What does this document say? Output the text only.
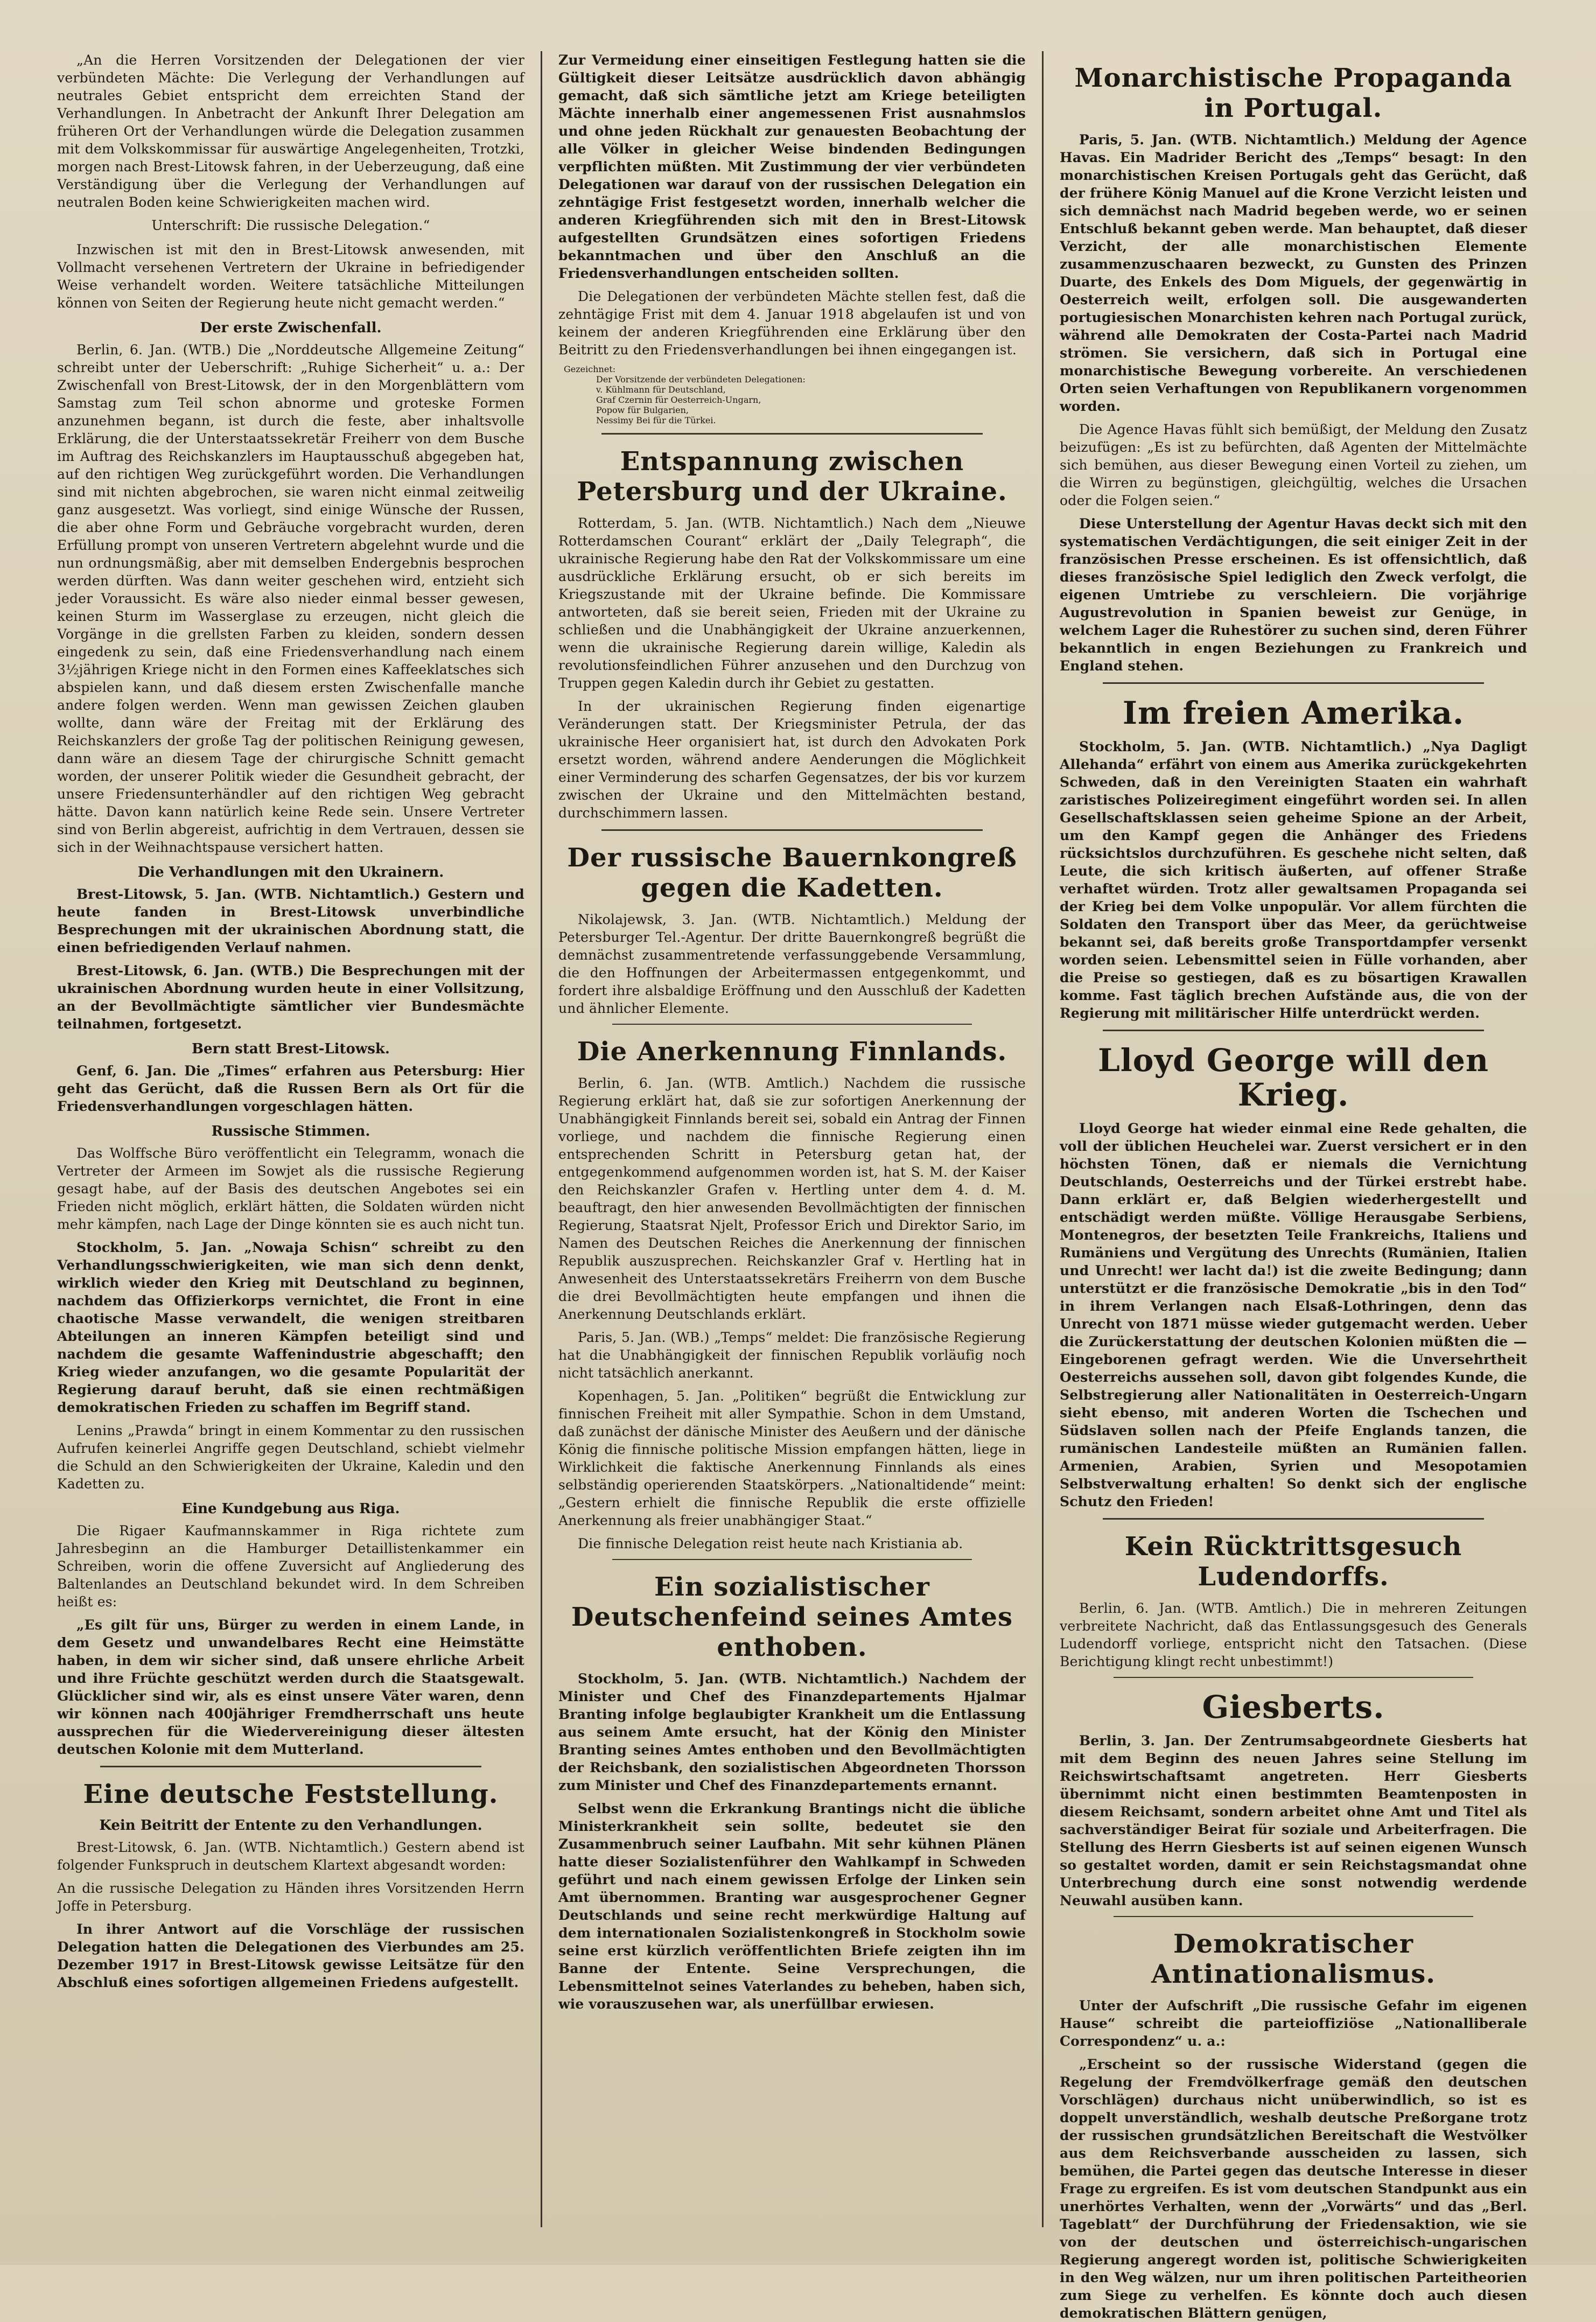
„An die Herren Vorsitzenden der Delegationen der vier verbündeten Mächte: Die Verlegung der Verhandlungen auf neutrales Gebiet entspricht dem erreichten Stand der Verhandlungen. In Anbetracht der Ankunft Ihrer Delegation am früheren Ort der Verhandlungen würde die Delegation zusammen mit dem Volkskommissar für auswärtige Angelegenheiten, Trotzki, morgen nach Brest-Litowsk fahren, in der Ueberzeugung, daß eine Verständigung über die Verlegung der Verhandlungen auf neutralen Boden keine Schwierigkeiten machen wird.

Unterschrift: Die russische Delegation.“

Inzwischen ist mit den in Brest-Litowsk anwesenden, mit Vollmacht versehenen Vertretern der Ukraine in befriedigender Weise verhandelt worden. Weitere tatsächliche Mitteilungen können von Seiten der Regierung heute nicht gemacht werden.“

Der erste Zwischenfall.

Berlin, 6. Jan. (WTB.) Die „Norddeutsche Allgemeine Zeitung“ schreibt unter der Ueberschrift: „Ruhige Sicherheit“ u. a.: Der Zwischenfall von Brest-Litowsk, der in den Morgenblättern vom Samstag zum Teil schon abnorme und groteske Formen anzunehmen begann, ist durch die feste, aber inhaltsvolle Erklärung, die der Unterstaatssekretär Freiherr von dem Busche im Auftrag des Reichskanzlers im Hauptausschuß abgegeben hat, auf den richtigen Weg zurückgeführt worden. Die Verhandlungen sind mit nichten abgebrochen, sie waren nicht einmal zeitweilig ganz ausgesetzt. Was vorliegt, sind einige Wünsche der Russen, die aber ohne Form und Gebräuche vorgebracht wurden, deren Erfüllung prompt von unseren Vertretern abgelehnt wurde und die nun ordnungsmäßig, aber mit demselben Endergebnis besprochen werden dürften. Was dann weiter geschehen wird, entzieht sich jeder Voraussicht. Es wäre also nieder einmal besser gewesen, keinen Sturm im Wasserglase zu erzeugen, nicht gleich die Vorgänge in die grellsten Farben zu kleiden, sondern dessen eingedenk zu sein, daß eine Friedensverhandlung nach einem 3½jährigen Kriege nicht in den Formen eines Kaffeeklatsches sich abspielen kann, und daß diesem ersten Zwischenfalle manche andere folgen werden. Wenn man gewissen Zeichen glauben wollte, dann wäre der Freitag mit der Erklärung des Reichskanzlers der große Tag der politischen Reinigung gewesen, dann wäre an diesem Tage der chirurgische Schnitt gemacht worden, der unserer Politik wieder die Gesundheit gebracht, der unsere Friedensunterhändler auf den richtigen Weg gebracht hätte. Davon kann natürlich keine Rede sein. Unsere Vertreter sind von Berlin abgereist, aufrichtig in dem Vertrauen, dessen sie sich in der Weihnachtspause versichert hatten.

Die Verhandlungen mit den Ukrainern.

Brest-Litowsk, 5. Jan. (WTB. Nichtamtlich.) Gestern und heute fanden in Brest-Litowsk unverbindliche Besprechungen mit der ukrainischen Abordnung statt, die einen befriedigenden Verlauf nahmen.

Brest-Litowsk, 6. Jan. (WTB.) Die Besprechungen mit der ukrainischen Abordnung wurden heute in einer Vollsitzung, an der Bevollmächtigte sämtlicher vier Bundesmächte teilnahmen, fortgesetzt.

Bern statt Brest-Litowsk.

Genf, 6. Jan. Die „Times“ erfahren aus Petersburg: Hier geht das Gerücht, daß die Russen Bern als Ort für die Friedensverhandlungen vorgeschlagen hätten.

Russische Stimmen.

Das Wolffsche Büro veröffentlicht ein Telegramm, wonach die Vertreter der Armeen im Sowjet als die russische Regierung gesagt habe, auf der Basis des deutschen Angebotes sei ein Frieden nicht möglich, erklärt hätten, die Soldaten würden nicht mehr kämpfen, nach Lage der Dinge könnten sie es auch nicht tun.

Stockholm, 5. Jan. „Nowaja Schisn“ schreibt zu den Verhandlungsschwierigkeiten, wie man sich denn denkt, wirklich wieder den Krieg mit Deutschland zu beginnen, nachdem das Offizierkorps vernichtet, die Front in eine chaotische Masse verwandelt, die wenigen streitbaren Abteilungen an inneren Kämpfen beteiligt sind und nachdem die gesamte Waffenindustrie abgeschafft; den Krieg wieder anzufangen, wo die gesamte Popularität der Regierung darauf beruht, daß sie einen rechtmäßigen demokratischen Frieden zu schaffen im Begriff stand.

Lenins „Prawda“ bringt in einem Kommentar zu den russischen Aufrufen keinerlei Angriffe gegen Deutschland, schiebt vielmehr die Schuld an den Schwierigkeiten der Ukraine, Kaledin und den Kadetten zu.

Eine Kundgebung aus Riga.

Die Rigaer Kaufmannskammer in Riga richtete zum Jahresbeginn an die Hamburger Detaillistenkammer ein Schreiben, worin die offene Zuversicht auf Angliederung des Baltenlandes an Deutschland bekundet wird. In dem Schreiben heißt es:

„Es gilt für uns, Bürger zu werden in einem Lande, in dem Gesetz und unwandelbares Recht eine Heimstätte haben, in dem wir sicher sind, daß unsere ehrliche Arbeit und ihre Früchte geschützt werden durch die Staatsgewalt. Glücklicher sind wir, als es einst unsere Väter waren, denn wir können nach 400jähriger Fremdherrschaft uns heute aussprechen für die Wiedervereinigung dieser ältesten deutschen Kolonie mit dem Mutterland.

Eine deutsche Feststellung.
Kein Beitritt der Entente zu den Verhandlungen.

Brest-Litowsk, 6. Jan. (WTB. Nichtamtlich.) Gestern abend ist folgender Funkspruch in deutschem Klartext abgesandt worden:

An die russische Delegation zu Händen ihres Vorsitzenden Herrn Joffe in Petersburg.

In ihrer Antwort auf die Vorschläge der russischen Delegation hatten die Delegationen des Vierbundes am 25. Dezember 1917 in Brest-Litowsk gewisse Leitsätze für den Abschluß eines sofortigen allgemeinen Friedens aufgestellt.

Zur Vermeidung einer einseitigen Festlegung hatten sie die Gültigkeit dieser Leitsätze ausdrücklich davon abhängig gemacht, daß sich sämtliche jetzt am Kriege beteiligten Mächte innerhalb einer angemessenen Frist ausnahmslos und ohne jeden Rückhalt zur genauesten Beobachtung der alle Völker in gleicher Weise bindenden Bedingungen verpflichten müßten. Mit Zustimmung der vier verbündeten Delegationen war darauf von der russischen Delegation ein zehntägige Frist festgesetzt worden, innerhalb welcher die anderen Kriegführenden sich mit den in Brest-Litowsk aufgestellten Grundsätzen eines sofortigen Friedens bekanntmachen und über den Anschluß an die Friedensverhandlungen entscheiden sollten.

Die Delegationen der verbündeten Mächte stellen fest, daß die zehntägige Frist mit dem 4. Januar 1918 abgelaufen ist und von keinem der anderen Kriegführenden eine Erklärung über den Beitritt zu den Friedensverhandlungen bei ihnen eingegangen ist.

Gezeichnet:
Der Vorsitzende der verbündeten Delegationen:
v. Kühlmann für Deutschland,
Graf Czernin für Oesterreich-Ungarn,
Popow für Bulgarien,
Nessimy Bei für die Türkei.
Entspannung zwischen Petersburg und der Ukraine.

Rotterdam, 5. Jan. (WTB. Nichtamtlich.) Nach dem „Nieuwe Rotterdamschen Courant“ erklärt der „Daily Telegraph“, die ukrainische Regierung habe den Rat der Volkskommissare um eine ausdrückliche Erklärung ersucht, ob er sich bereits im Kriegszustande mit der Ukraine befinde. Die Kommissare antworteten, daß sie bereit seien, Frieden mit der Ukraine zu schließen und die Unabhängigkeit der Ukraine anzuerkennen, wenn die ukrainische Regierung darein willige, Kaledin als revolutionsfeindlichen Führer anzusehen und den Durchzug von Truppen gegen Kaledin durch ihr Gebiet zu gestatten.

In der ukrainischen Regierung finden eigenartige Veränderungen statt. Der Kriegsminister Petrula, der das ukrainische Heer organisiert hat, ist durch den Advokaten Pork ersetzt worden, während andere Aenderungen die Möglichkeit einer Verminderung des scharfen Gegensatzes, der bis vor kurzem zwischen der Ukraine und den Mittelmächten bestand, durchschimmern lassen.

Der russische Bauernkongreß gegen die Kadetten.

Nikolajewsk, 3. Jan. (WTB. Nichtamtlich.) Meldung der Petersburger Tel.-Agentur. Der dritte Bauernkongreß begrüßt die demnächst zusammentretende verfassunggebende Versammlung, die den Hoffnungen der Arbeitermassen entgegenkommt, und fordert ihre alsbaldige Eröffnung und den Ausschluß der Kadetten und ähnlicher Elemente.

Die Anerkennung Finnlands.

Berlin, 6. Jan. (WTB. Amtlich.) Nachdem die russische Regierung erklärt hat, daß sie zur sofortigen Anerkennung der Unabhängigkeit Finnlands bereit sei, sobald ein Antrag der Finnen vorliege, und nachdem die finnische Regierung einen entsprechenden Schritt in Petersburg getan hat, der entgegenkommend aufgenommen worden ist, hat S. M. der Kaiser den Reichskanzler Grafen v. Hertling unter dem 4. d. M. beauftragt, den hier anwesenden Bevollmächtigten der finnischen Regierung, Staatsrat Njelt, Professor Erich und Direktor Sario, im Namen des Deutschen Reiches die Anerkennung der finnischen Republik auszusprechen. Reichskanzler Graf v. Hertling hat in Anwesenheit des Unterstaatssekretärs Freiherrn von dem Busche die drei Bevollmächtigten heute empfangen und ihnen die Anerkennung Deutschlands erklärt.

Paris, 5. Jan. (WB.) „Temps“ meldet: Die französische Regierung hat die Unabhängigkeit der finnischen Republik vorläufig noch nicht tatsächlich anerkannt.

Kopenhagen, 5. Jan. „Politiken“ begrüßt die Entwicklung zur finnischen Freiheit mit aller Sympathie. Schon in dem Umstand, daß zunächst der dänische Minister des Aeußern und der dänische König die finnische politische Mission empfangen hätten, liege in Wirklichkeit die faktische Anerkennung Finnlands als eines selbständig operierenden Staatskörpers. „Nationaltidende“ meint: „Gestern erhielt die finnische Republik die erste offizielle Anerkennung als freier unabhängiger Staat.“

Die finnische Delegation reist heute nach Kristiania ab.

Ein sozialistischer Deutschenfeind seines Amtes enthoben.

Stockholm, 5. Jan. (WTB. Nichtamtlich.) Nachdem der Minister und Chef des Finanzdepartements Hjalmar Branting infolge beglaubigter Krankheit um die Entlassung aus seinem Amte ersucht, hat der König den Minister Branting seines Amtes enthoben und den Bevollmächtigten der Reichsbank, den sozialistischen Abgeordneten Thorsson zum Minister und Chef des Finanzdepartements ernannt.

Selbst wenn die Erkrankung Brantings nicht die übliche Ministerkrankheit sein sollte, bedeutet sie den Zusammenbruch seiner Laufbahn. Mit sehr kühnen Plänen hatte dieser Sozialistenführer den Wahlkampf in Schweden geführt und nach einem gewissen Erfolge der Linken sein Amt übernommen. Branting war ausgesprochener Gegner Deutschlands und seine recht merkwürdige Haltung auf dem internationalen Sozialistenkongreß in Stockholm sowie seine erst kürzlich veröffentlichten Briefe zeigten ihn im Banne der Entente. Seine Versprechungen, die Lebensmittelnot seines Vaterlandes zu beheben, haben sich, wie vorauszusehen war, als unerfüllbar erwiesen.

Monarchistische Propaganda in Portugal.

Paris, 5. Jan. (WTB. Nichtamtlich.) Meldung der Agence Havas. Ein Madrider Bericht des „Temps“ besagt: In den monarchistischen Kreisen Portugals geht das Gerücht, daß der frühere König Manuel auf die Krone Verzicht leisten und sich demnächst nach Madrid begeben werde, wo er seinen Entschluß bekannt geben werde. Man behauptet, daß dieser Verzicht, der alle monarchistischen Elemente zusammenzuschaaren bezweckt, zu Gunsten des Prinzen Duarte, des Enkels des Dom Miguels, der gegenwärtig in Oesterreich weilt, erfolgen soll. Die ausgewanderten portugiesischen Monarchisten kehren nach Portugal zurück, während alle Demokraten der Costa-Partei nach Madrid strömen. Sie versichern, daß sich in Portugal eine monarchistische Bewegung vorbereite. An verschiedenen Orten seien Verhaftungen von Republikanern vorgenommen worden.

Die Agence Havas fühlt sich bemüßigt, der Meldung den Zusatz beizufügen: „Es ist zu befürchten, daß Agenten der Mittelmächte sich bemühen, aus dieser Bewegung einen Vorteil zu ziehen, um die Wirren zu begünstigen, gleichgültig, welches die Ursachen oder die Folgen seien.“

Diese Unterstellung der Agentur Havas deckt sich mit den systematischen Verdächtigungen, die seit einiger Zeit in der französischen Presse erscheinen. Es ist offensichtlich, daß dieses französische Spiel lediglich den Zweck verfolgt, die eigenen Umtriebe zu verschleiern. Die vorjährige Augustrevolution in Spanien beweist zur Genüge, in welchem Lager die Ruhestörer zu suchen sind, deren Führer bekanntlich in engen Beziehungen zu Frankreich und England stehen.

Im freien Amerika.

Stockholm, 5. Jan. (WTB. Nichtamtlich.) „Nya Dagligt Allehanda“ erfährt von einem aus Amerika zurückgekehrten Schweden, daß in den Vereinigten Staaten ein wahrhaft zaristisches Polizeiregiment eingeführt worden sei. In allen Gesellschaftsklassen seien geheime Spione an der Arbeit, um den Kampf gegen die Anhänger des Friedens rücksichtslos durchzuführen. Es geschehe nicht selten, daß Leute, die sich kritisch äußerten, auf offener Straße verhaftet würden. Trotz aller gewaltsamen Propaganda sei der Krieg bei dem Volke unpopulär. Vor allem fürchten die Soldaten den Transport über das Meer, da gerüchtweise bekannt sei, daß bereits große Transportdampfer versenkt worden seien. Lebensmittel seien in Fülle vorhanden, aber die Preise so gestiegen, daß es zu bösartigen Krawallen komme. Fast täglich brechen Aufstände aus, die von der Regierung mit militärischer Hilfe unterdrückt werden.

Lloyd George will den Krieg.

Lloyd George hat wieder einmal eine Rede gehalten, die voll der üblichen Heuchelei war. Zuerst versichert er in den höchsten Tönen, daß er niemals die Vernichtung Deutschlands, Oesterreichs und der Türkei erstrebt habe. Dann erklärt er, daß Belgien wiederhergestellt und entschädigt werden müßte. Völlige Herausgabe Serbiens, Montenegros, der besetzten Teile Frankreichs, Italiens und Rumäniens und Vergütung des Unrechts (Rumänien, Italien und Unrecht! wer lacht da!) ist die zweite Bedingung; dann unterstützt er die französische Demokratie „bis in den Tod“ in ihrem Verlangen nach Elsaß-Lothringen, denn das Unrecht von 1871 müsse wieder gutgemacht werden. Ueber die Zurückerstattung der deutschen Kolonien müßten die — Eingeborenen gefragt werden. Wie die Unversehrtheit Oesterreichs aussehen soll, davon gibt folgendes Kunde, die Selbstregierung aller Nationalitäten in Oesterreich-Ungarn sieht ebenso, mit anderen Worten die Tschechen und Südslaven sollen nach der Pfeife Englands tanzen, die rumänischen Landesteile müßten an Rumänien fallen. Armenien, Arabien, Syrien und Mesopotamien Selbstverwaltung erhalten! So denkt sich der englische Schutz den Frieden!

Kein Rücktrittsgesuch Ludendorffs.

Berlin, 6. Jan. (WTB. Amtlich.) Die in mehreren Zeitungen verbreitete Nachricht, daß das Entlassungsgesuch des Generals Ludendorff vorliege, entspricht nicht den Tatsachen. (Diese Berichtigung klingt recht unbestimmt!)

Giesberts.

Berlin, 3. Jan. Der Zentrumsabgeordnete Giesberts hat mit dem Beginn des neuen Jahres seine Stellung im Reichswirtschaftsamt angetreten. Herr Giesberts übernimmt nicht einen bestimmten Beamtenposten in diesem Reichsamt, sondern arbeitet ohne Amt und Titel als sachverständiger Beirat für soziale und Arbeiterfragen. Die Stellung des Herrn Giesberts ist auf seinen eigenen Wunsch so gestaltet worden, damit er sein Reichstagsmandat ohne Unterbrechung durch eine sonst notwendig werdende Neuwahl ausüben kann.

Demokratischer Antinationalismus.

Unter der Aufschrift „Die russische Gefahr im eigenen Hause“ schreibt die parteioffiziöse „Nationalliberale Correspondenz“ u. a.:

„Erscheint so der russische Widerstand (gegen die Regelung der Fremdvölkerfrage gemäß den deutschen Vorschlägen) durchaus nicht unüberwindlich, so ist es doppelt unverständlich, weshalb deutsche Preßorgane trotz der russischen grundsätzlichen Bereitschaft die Westvölker aus dem Reichsverbande ausscheiden zu lassen, sich bemühen, die Partei gegen das deutsche Interesse in dieser Frage zu ergreifen. Es ist vom deutschen Standpunkt aus ein unerhörtes Verhalten, wenn der „Vorwärts“ und das „Berl. Tageblatt“ der Durchführung der Friedensaktion, wie sie von der deutschen und österreichisch-ungarischen Regierung angeregt worden ist, politische Schwierigkeiten in den Weg wälzen, nur um ihren politischen Parteitheorien zum Siege zu verhelfen. Es könnte doch auch diesen demokratischen Blättern genügen,
